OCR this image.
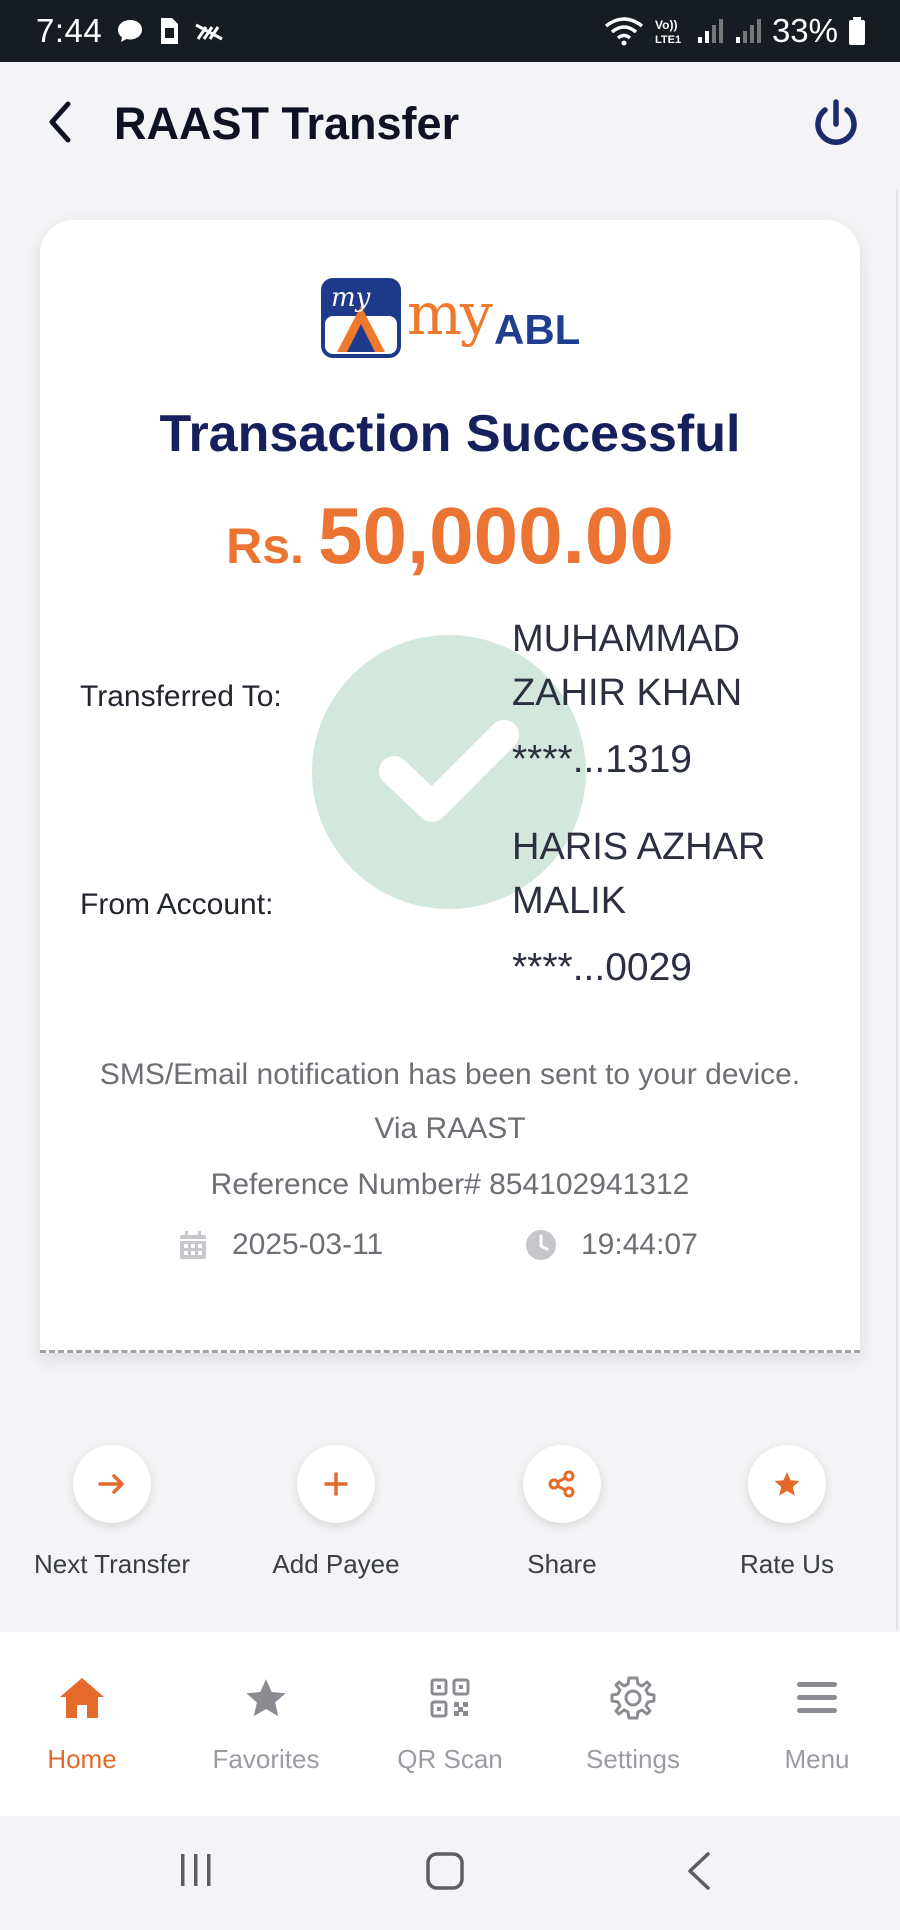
7:44	Vo))
LTE1	33%
RAAST Transfer
my my ABL
Transaction Successful
Rs. 50,000.00
Transferred To:
MUHAMMAD
ZAHIR KHAN
****...1319
From Account:
HARIS AZHAR
MALIK
****...0029
SMS/Email notification has been sent to your device.
Via RAAST
Reference Number# 854102941312
2025-03-11	19:44:07
Next Transfer	Add Payee	Share	Rate Us
Home	Favorites	QR Scan	Settings	Menu
